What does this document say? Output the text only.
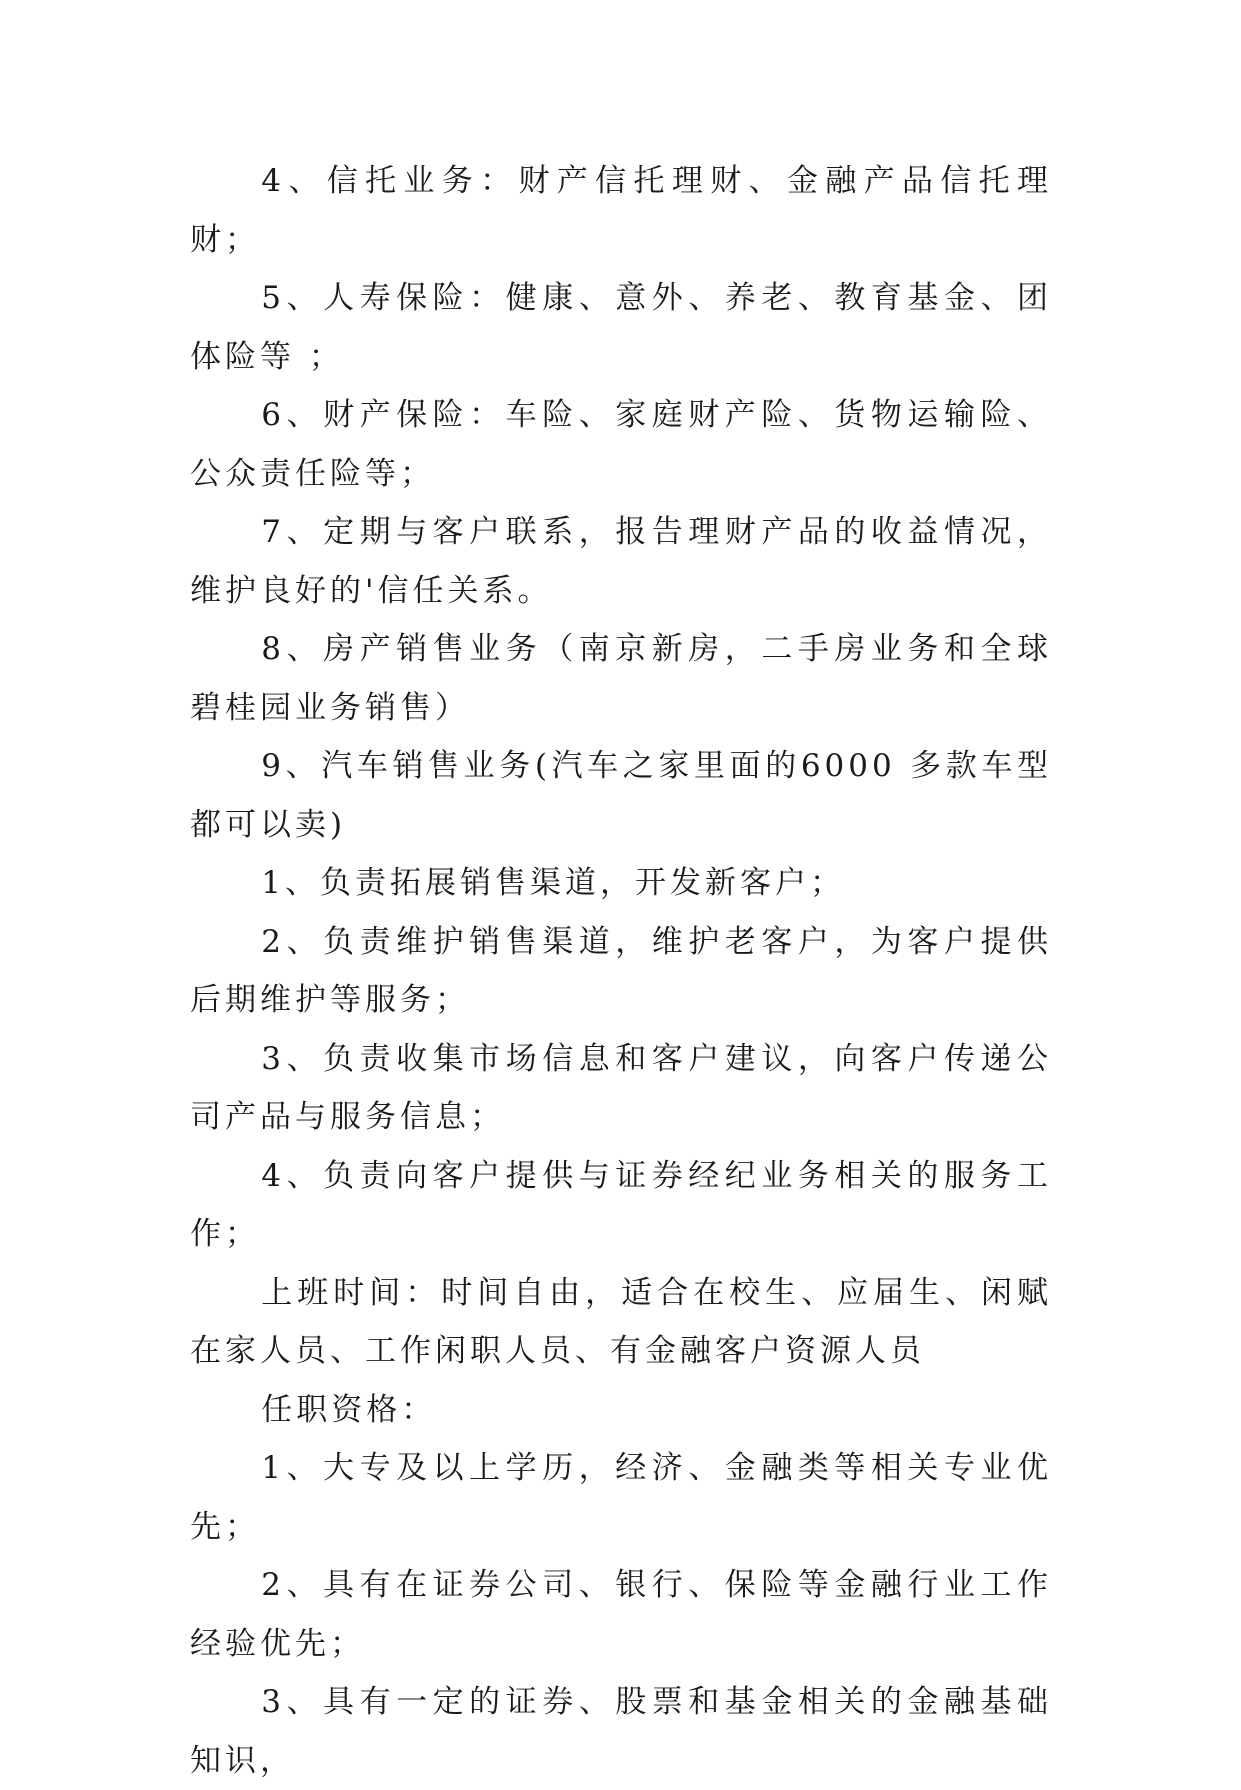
4、信托业务：财产信托理财、金融产品信托理财；

5、人寿保险：健康、意外、养老、教育基金、团体险等 ；

6、财产保险：车险、家庭财产险、货物运输险、公众责任险等；

7、定期与客户联系，报告理财产品的收益情况，维护良好的'信任关系。

8、房产销售业务（南京新房，二手房业务和全球碧桂园业务销售）

9、汽车销售业务(汽车之家里面的6000 多款车型都可以卖)

1、负责拓展销售渠道，开发新客户；

2、负责维护销售渠道，维护老客户，为客户提供后期维护等服务；

3、负责收集市场信息和客户建议，向客户传递公司产品与服务信息；

4、负责向客户提供与证券经纪业务相关的服务工作；

上班时间：时间自由，适合在校生、应届生、闲赋在家人员、工作闲职人员、有金融客户资源人员

任职资格：

1、大专及以上学历，经济、金融类等相关专业优先；

2、具有在证券公司、银行、保险等金融行业工作经验优先；

3、具有一定的证券、股票和基金相关的金融基础知识，
